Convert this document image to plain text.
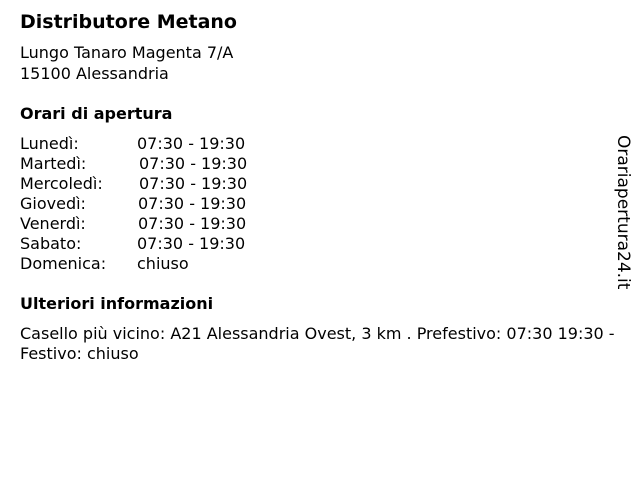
Distributore Metano
Lungo Tanaro Magenta 7/A
15100 Alessandria
Orari di apertura
Lunedì:	07:30 - 19:30
Martedì:	07:30 - 19:30
Mercoledì: 07:30 - 19:30
Giovedì:	07:30 - 19:30
Venerdì:	07:30 - 19:30
Sabato:	07:30 - 19:30
Domenica: chiuso
Ulteriori informazioni
Casello più vicino: A21 Alessandria Ovest, 3 km . Prefestivo: 07:30 19:30 - Festivo: chiuso
Orariapertura24.it
